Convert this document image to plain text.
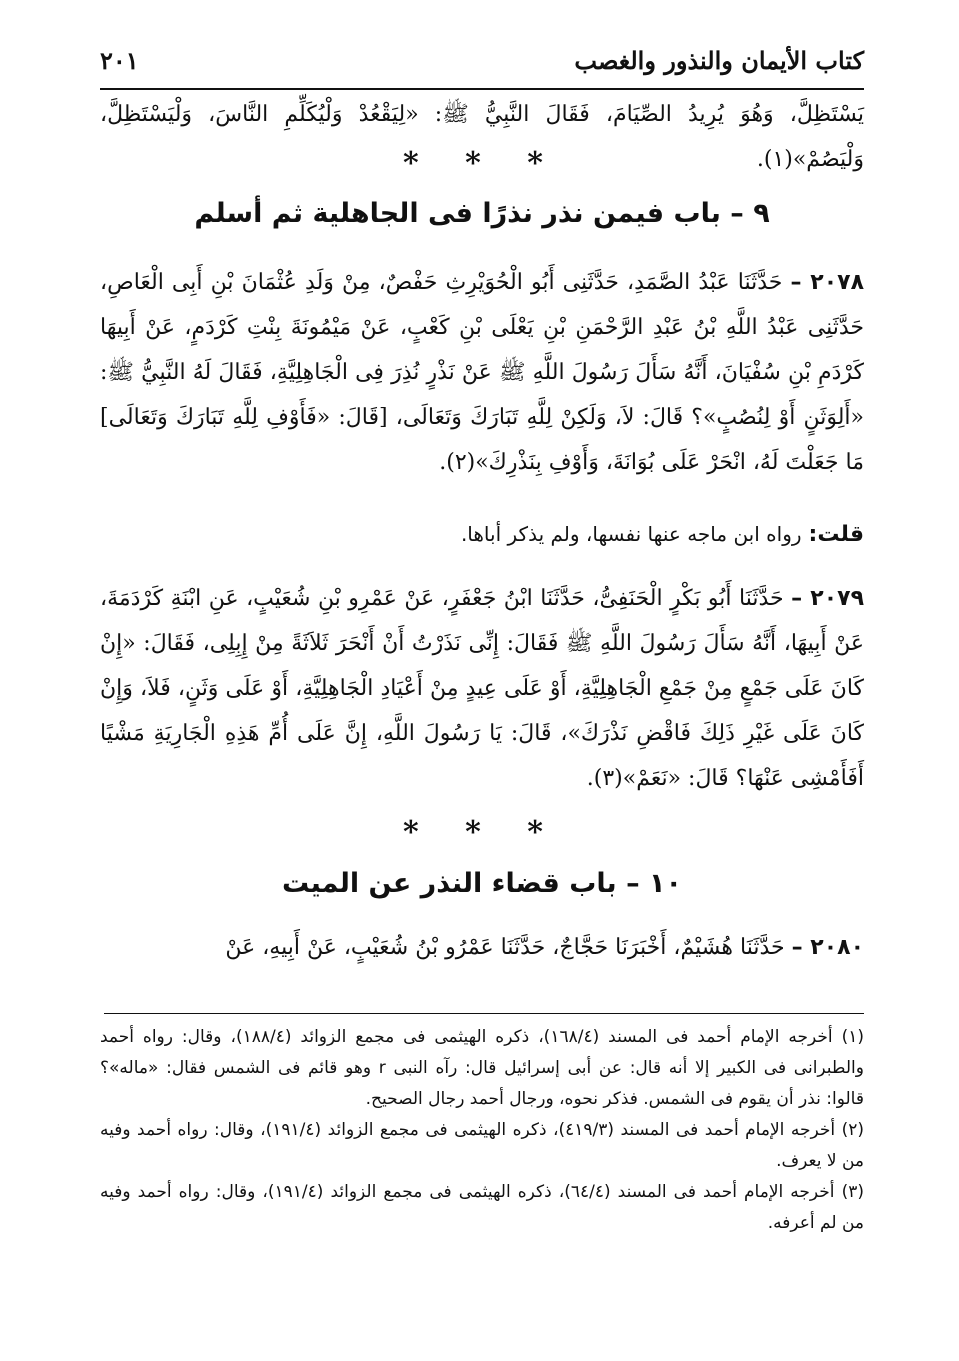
كتاب الأيمان والنذور والغصب
٢٠١
يَسْتَظِلَّ، وَهُوَ يُرِيدُ الصِّيَامَ، فَقَالَ النَّبِيُّ ﷺ: «لِيَقْعُدْ وَلْيُكَلِّمِ النَّاسَ، وَلْيَسْتَظِلَّ، وَلْيَصُمْ»(١).
* * *
٩ – باب فيمن نذر نذرًا فى الجاهلية ثم أسلم
٢٠٧٨ – حَدَّثَنَا عَبْدُ الصَّمَدِ، حَدَّثَنِى أَبُو الْحُوَيْرِثِ حَفْصٌ، مِنْ وَلَدِ عُثْمَانَ بْنِ أَبِى الْعَاصِ، حَدَّثَنِى عَبْدُ اللَّهِ بْنُ عَبْدِ الرَّحْمَنِ بْنِ يَعْلَى بْنِ كَعْبٍ، عَنْ مَيْمُونَةَ بِنْتِ كَرْدَمٍ، عَنْ أَبِيهَا كَرْدَمِ بْنِ سُفْيَانَ، أَنَّهُ سَأَلَ رَسُولَ اللَّهِ ﷺ عَنْ نَذْرٍ نُذِرَ فِى الْجَاهِلِيَّةِ، فَقَالَ لَهُ النَّبِيُّ ﷺ: «أَلِوَثَنٍ أَوْ لِنُصُبٍ»؟ قَالَ: لاَ، وَلَكِنْ لِلَّهِ تَبَارَكَ وَتَعَالَى، [قَالَ: «فَأَوْفِ لِلَّهِ تَبَارَكَ وَتَعَالَى] مَا جَعَلْتَ لَهُ، انْحَرْ عَلَى بُوَانَةَ، وَأَوْفِ بِنَذْرِكَ»(٢).
قلت: رواه ابن ماجه عنها نفسها، ولم يذكر أباها.
٢٠٧٩ – حَدَّثَنَا أَبُو بَكْرٍ الْحَنَفِىُّ، حَدَّثَنَا ابْنُ جَعْفَرٍ، عَنْ عَمْرِو بْنِ شُعَيْبٍ، عَنِ ابْنَةِ كَرْدَمَةَ، عَنْ أَبِيهَا، أَنَّهُ سَأَلَ رَسُولَ اللَّهِ ﷺ فَقَالَ: إِنِّى نَذَرْتُ أَنْ أَنْحَرَ ثَلاَثَةً مِنْ إِبِلِى، فَقَالَ: «إِنْ كَانَ عَلَى جَمْعٍ مِنْ جَمْعِ الْجَاهِلِيَّةِ، أَوْ عَلَى عِيدٍ مِنْ أَعْيَادِ الْجَاهِلِيَّةِ، أَوْ عَلَى وَثَنٍ، فَلاَ، وَإِنْ كَانَ عَلَى غَيْرِ ذَلِكَ فَاقْضِ نَذْرَكَ»، قَالَ: يَا رَسُولَ اللَّهِ، إِنَّ عَلَى أُمِّ هَذِهِ الْجَارِيَةِ مَشْيًا أَفَأَمْشِى عَنْهَا؟ قَالَ: «نَعَمْ»(٣).
* * *
١٠ – باب قضاء النذر عن الميت
٢٠٨٠ – حَدَّثَنَا هُشَيْمٌ، أَخْبَرَنَا حَجَّاجٌ، حَدَّثَنَا عَمْرُو بْنُ شُعَيْبٍ، عَنْ أَبِيهِ، عَنْ

(١) أخرجه الإمام أحمد فى المسند (١٦٨/٤)، ذكره الهيثمى فى مجمع الزوائد (١٨٨/٤)، وقال: رواه أحمد والطبرانى فى الكبير إلا أنه قال: عن أبى إسرائيل قال: رآه النبى r وهو قائم فى الشمس فقال: «ماله»؟ قالوا: نذر أن يقوم فى الشمس. فذكر نحوه، ورجال أحمد رجال الصحيح.

(٢) أخرجه الإمام أحمد فى المسند (٤١٩/٣)، ذكره الهيثمى فى مجمع الزوائد (١٩١/٤)، وقال: رواه أحمد وفيه من لا يعرف.

(٣) أخرجه الإمام أحمد فى المسند (٦٤/٤)، ذكره الهيثمى فى مجمع الزوائد (١٩١/٤)، وقال: رواه أحمد وفيه من لم أعرفه.
